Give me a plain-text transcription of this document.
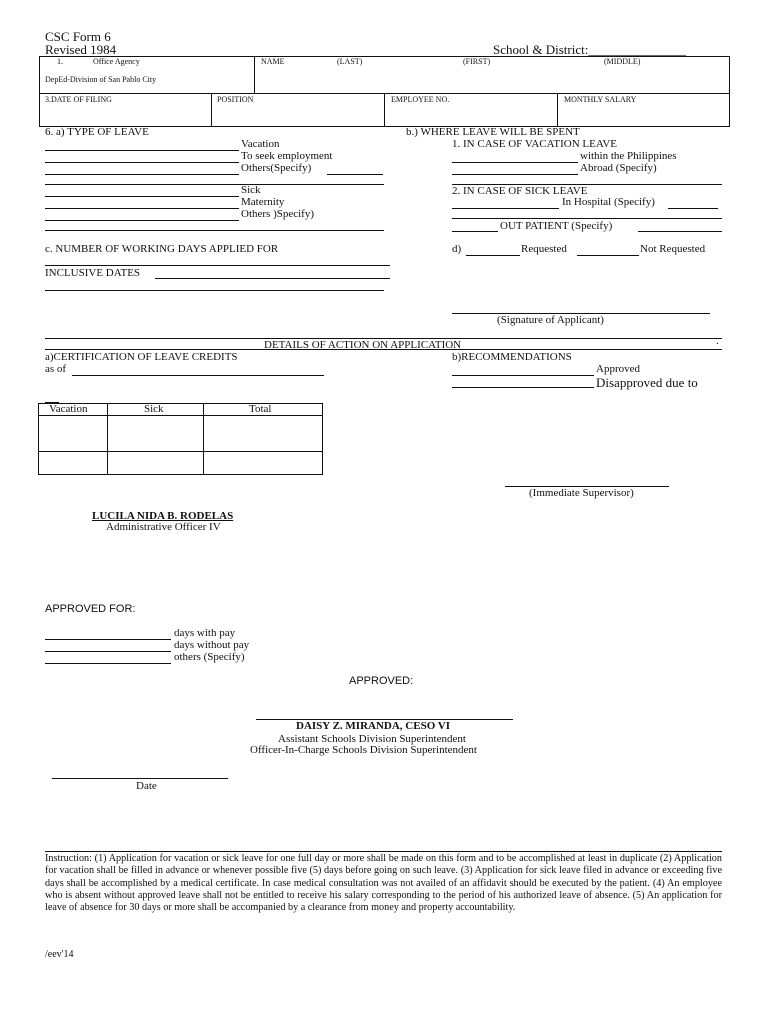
CSC Form 6
Revised 1984	School & District:_______________
1.	Office Agency
DepEd-Division of San Pablo City
NAME	(LAST)	(FIRST)	(MIDDLE)
3.DATE OF FILING	POSITION	EMPLOYEE NO.	MONTHLY SALARY
6. a) TYPE OF LEAVE
Vacation
To seek employment
Others(Specify)
Sick
Maternity
Others )Specify)
c. NUMBER OF WORKING DAYS APPLIED FOR
INCLUSIVE DATES
b.) WHERE LEAVE WILL BE SPENT
1. IN CASE OF VACATION LEAVE
within the Philippines
Abroad (Specify)
2. IN CASE OF SICK LEAVE
In Hospital (Specify)
OUT PATIENT (Specify)
d)	Requested	Not Requested
(Signature of Applicant)
DETAILS OF ACTION ON APPLICATION	.
a)CERTIFICATION OF LEAVE CREDITS
as of
b)RECOMMENDATIONS
Approved
Disapproved due to
Vacation	Sick	Total
(Immediate Supervisor)
LUCILA NIDA B. RODELAS
Administrative Officer IV
APPROVED FOR:
days with pay
days without pay
others (Specify)
APPROVED:
DAISY Z. MIRANDA, CESO VI
Assistant Schools Division Superintendent
Officer-In-Charge Schools Division Superintendent
Date
Instruction: (1) Application for vacation or sick leave for one full day or more shall be made on this form and to be accomplished at least in duplicate (2) Application for vacation shall be filled in advance or whenever possible five (5) days before going on such leave. (3) Application for sick leave filed in advance or exceeding five days shall be accomplished by a medical certificate. In case medical consultation was not availed of an affidavit should be executed by the patient. (4) An employee who is absent without approved leave shall not be entitled to receive his salary corresponding to the period of his authorized leave of absence. (5) An application for leave of absence for 30 days or more shall be accompanied by a clearance from money and property accountability.
/eev'14
